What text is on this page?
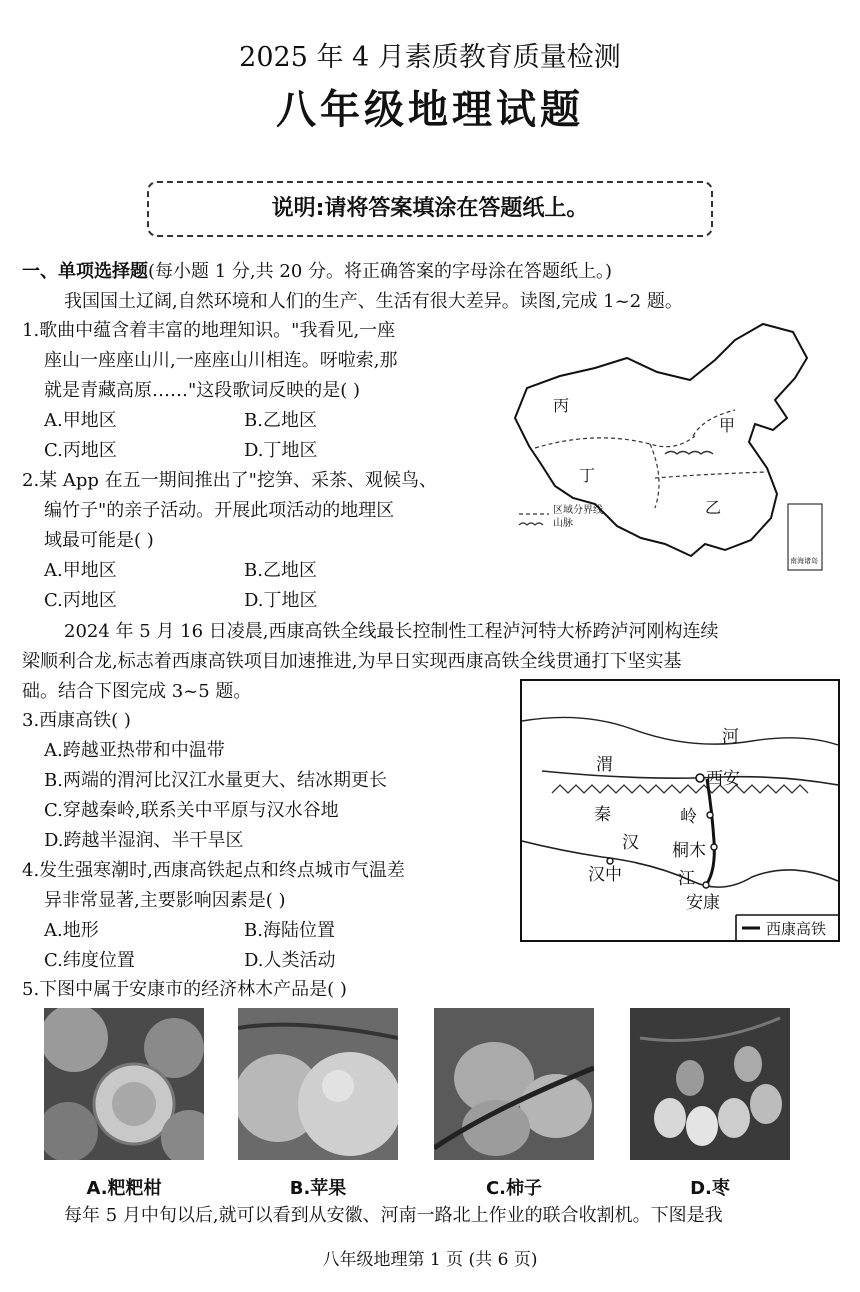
2025 年 4 月素质教育质量检测
八年级地理试题
说明:请将答案填涂在答题纸上。
一、单项选择题(每小题 1 分,共 20 分。将正确答案的字母涂在答题纸上。)
我国国土辽阔,自然环境和人们的生产、生活有很大差异。读图,完成 1~2 题。
1.歌曲中蕴含着丰富的地理知识。"我看见,一座
座山一座座山川,一座座山川相连。呀啦索,那
就是青藏高原……"这段歌词反映的是( )
A.甲地区	B.乙地区
C.丙地区	D.丁地区
2.某 App 在五一期间推出了"挖笋、采茶、观候鸟、
编竹子"的亲子活动。开展此项活动的地理区
域最可能是( )
A.甲地区	B.乙地区
C.丙地区	D.丁地区
丙
甲
丁
乙
区域分界线
山脉
南海诸岛
2024 年 5 月 16 日凌晨,西康高铁全线最长控制性工程泸河特大桥跨泸河刚构连续
梁顺利合龙,标志着西康高铁项目加速推进,为早日实现西康高铁全线贯通打下坚实基
础。结合下图完成 3~5 题。
3.西康高铁( )
A.跨越亚热带和中温带
B.两端的渭河比汉江水量更大、结冰期更长
C.穿越秦岭,联系关中平原与汉水谷地
D.跨越半湿润、半干旱区
4.发生强寒潮时,西康高铁起点和终点城市气温差
异非常显著,主要影响因素是( )
A.地形	B.海陆位置
C.纬度位置	D.人类活动
渭
河
西安
秦	岭
汉 桐木
汉中	江
安康
西康高铁
5.下图中属于安康市的经济林木产品是( )
A.粑粑柑	B.苹果	C.柿子	D.枣
每年 5 月中旬以后,就可以看到从安徽、河南一路北上作业的联合收割机。下图是我
八年级地理第 1 页 (共 6 页)
